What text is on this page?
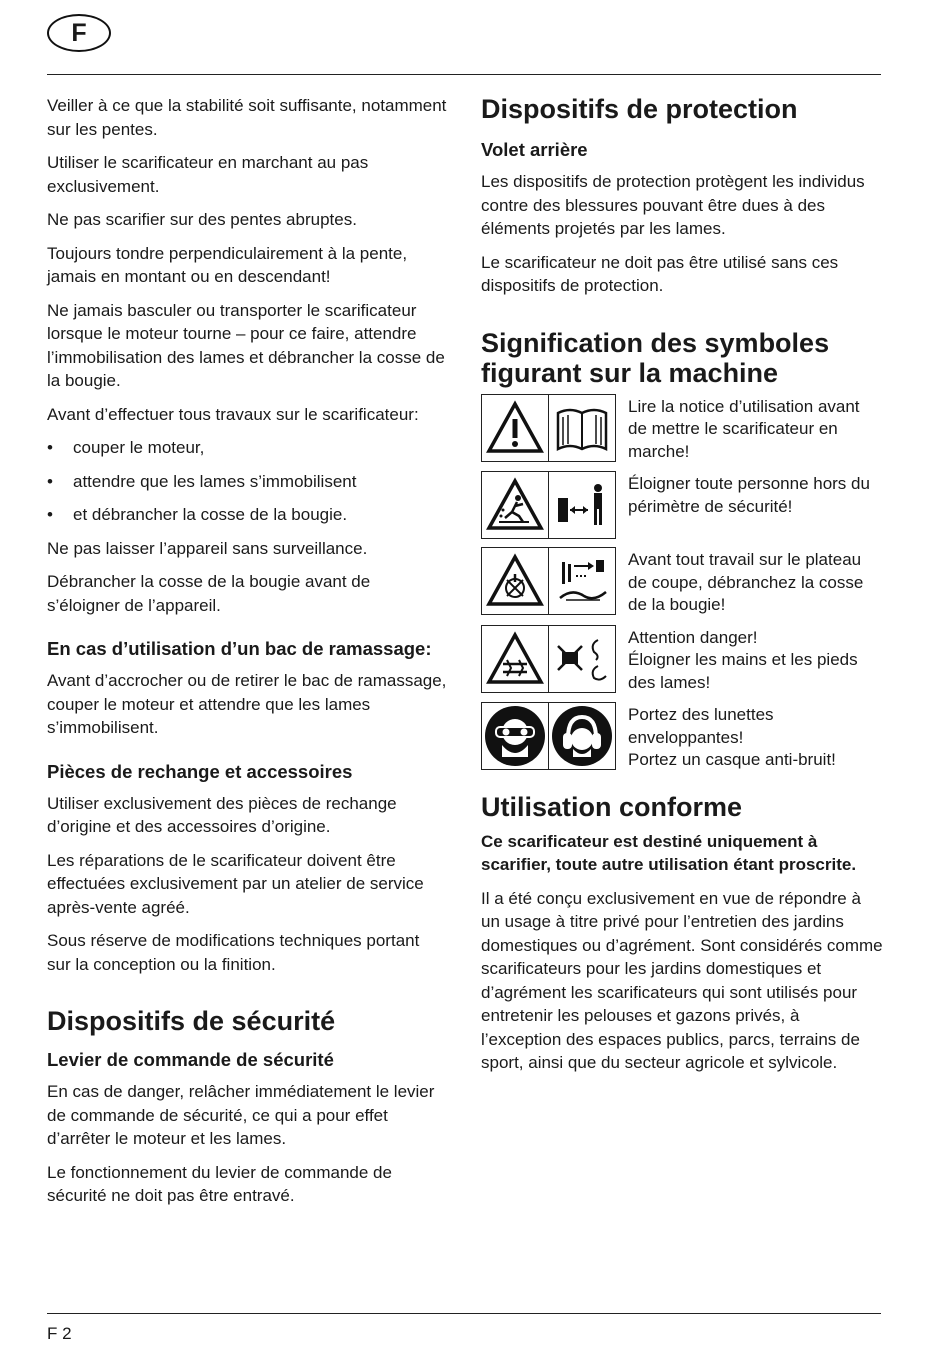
F

Veiller à ce que la stabilité soit suffisante, notamment sur les pentes.

Utiliser le scarificateur en marchant au pas exclusivement.

Ne pas scarifier sur des pentes abruptes.

Toujours tondre perpendiculairement à la pente, jamais en montant ou en descendant!

Ne jamais basculer ou transporter le scarificateur lorsque le moteur tourne – pour ce faire, attendre l’immobilisation des lames et débrancher la cosse de la bougie.

Avant d’effectuer tous travaux sur le scarificateur:

• couper le moteur,
• attendre que les lames s’immobilisent
• et débrancher la cosse de la bougie.

Ne pas laisser l’appareil sans surveillance.

Débrancher la cosse de la bougie avant de s’éloigner de l’appareil.

En cas d’utilisation d’un bac de ramassage:

Avant d’accrocher ou de retirer le bac de ramassage, couper le moteur et attendre que les lames s’immobilisent.

Pièces de rechange et accessoires

Utiliser exclusivement des pièces de rechange d’origine et des accessoires d’origine.

Les réparations de le scarificateur doivent être effectuées exclusivement par un atelier de service après-vente agréé.

Sous réserve de modifications techniques portant sur la conception ou la finition.

Dispositifs de sécurité
Levier de commande de sécurité

En cas de danger, relâcher immédiatement le levier de commande de sécurité, ce qui a pour effet d’arrêter le moteur et les lames.

Le fonctionnement du levier de commande de sécurité ne doit pas être entravé.

Dispositifs de protection
Volet arrière

Les dispositifs de protection protègent les individus contre des blessures pouvant être dues à des éléments projetés par les lames.

Le scarificateur ne doit pas être utilisé sans ces dispositifs de protection.

Signification des symboles figurant sur la machine
Lire la notice d’utilisation avant de mettre le scarificateur en marche!
Éloigner toute personne hors du périmètre de sécurité!
Avant tout travail sur le plateau de coupe, débranchez la cosse de la bougie!
Attention danger!
Éloigner les mains et les pieds des lames!
Portez des lunettes enveloppantes!
Portez un casque anti-bruit!
Utilisation conforme

Ce scarificateur est destiné uniquement à scarifier, toute autre utilisation étant proscrite.

Il a été conçu exclusivement en vue de répondre à un usage à titre privé pour l’entretien des jardins domestiques ou d’agrément. Sont considérés comme scarificateurs pour les jardins domestiques et d’agrément les scarificateurs qui sont utilisés pour entretenir les pelouses et gazons privés, à l’exception des espaces publics, parcs, terrains de sport, ainsi que du secteur agricole et sylvicole.

F 2
